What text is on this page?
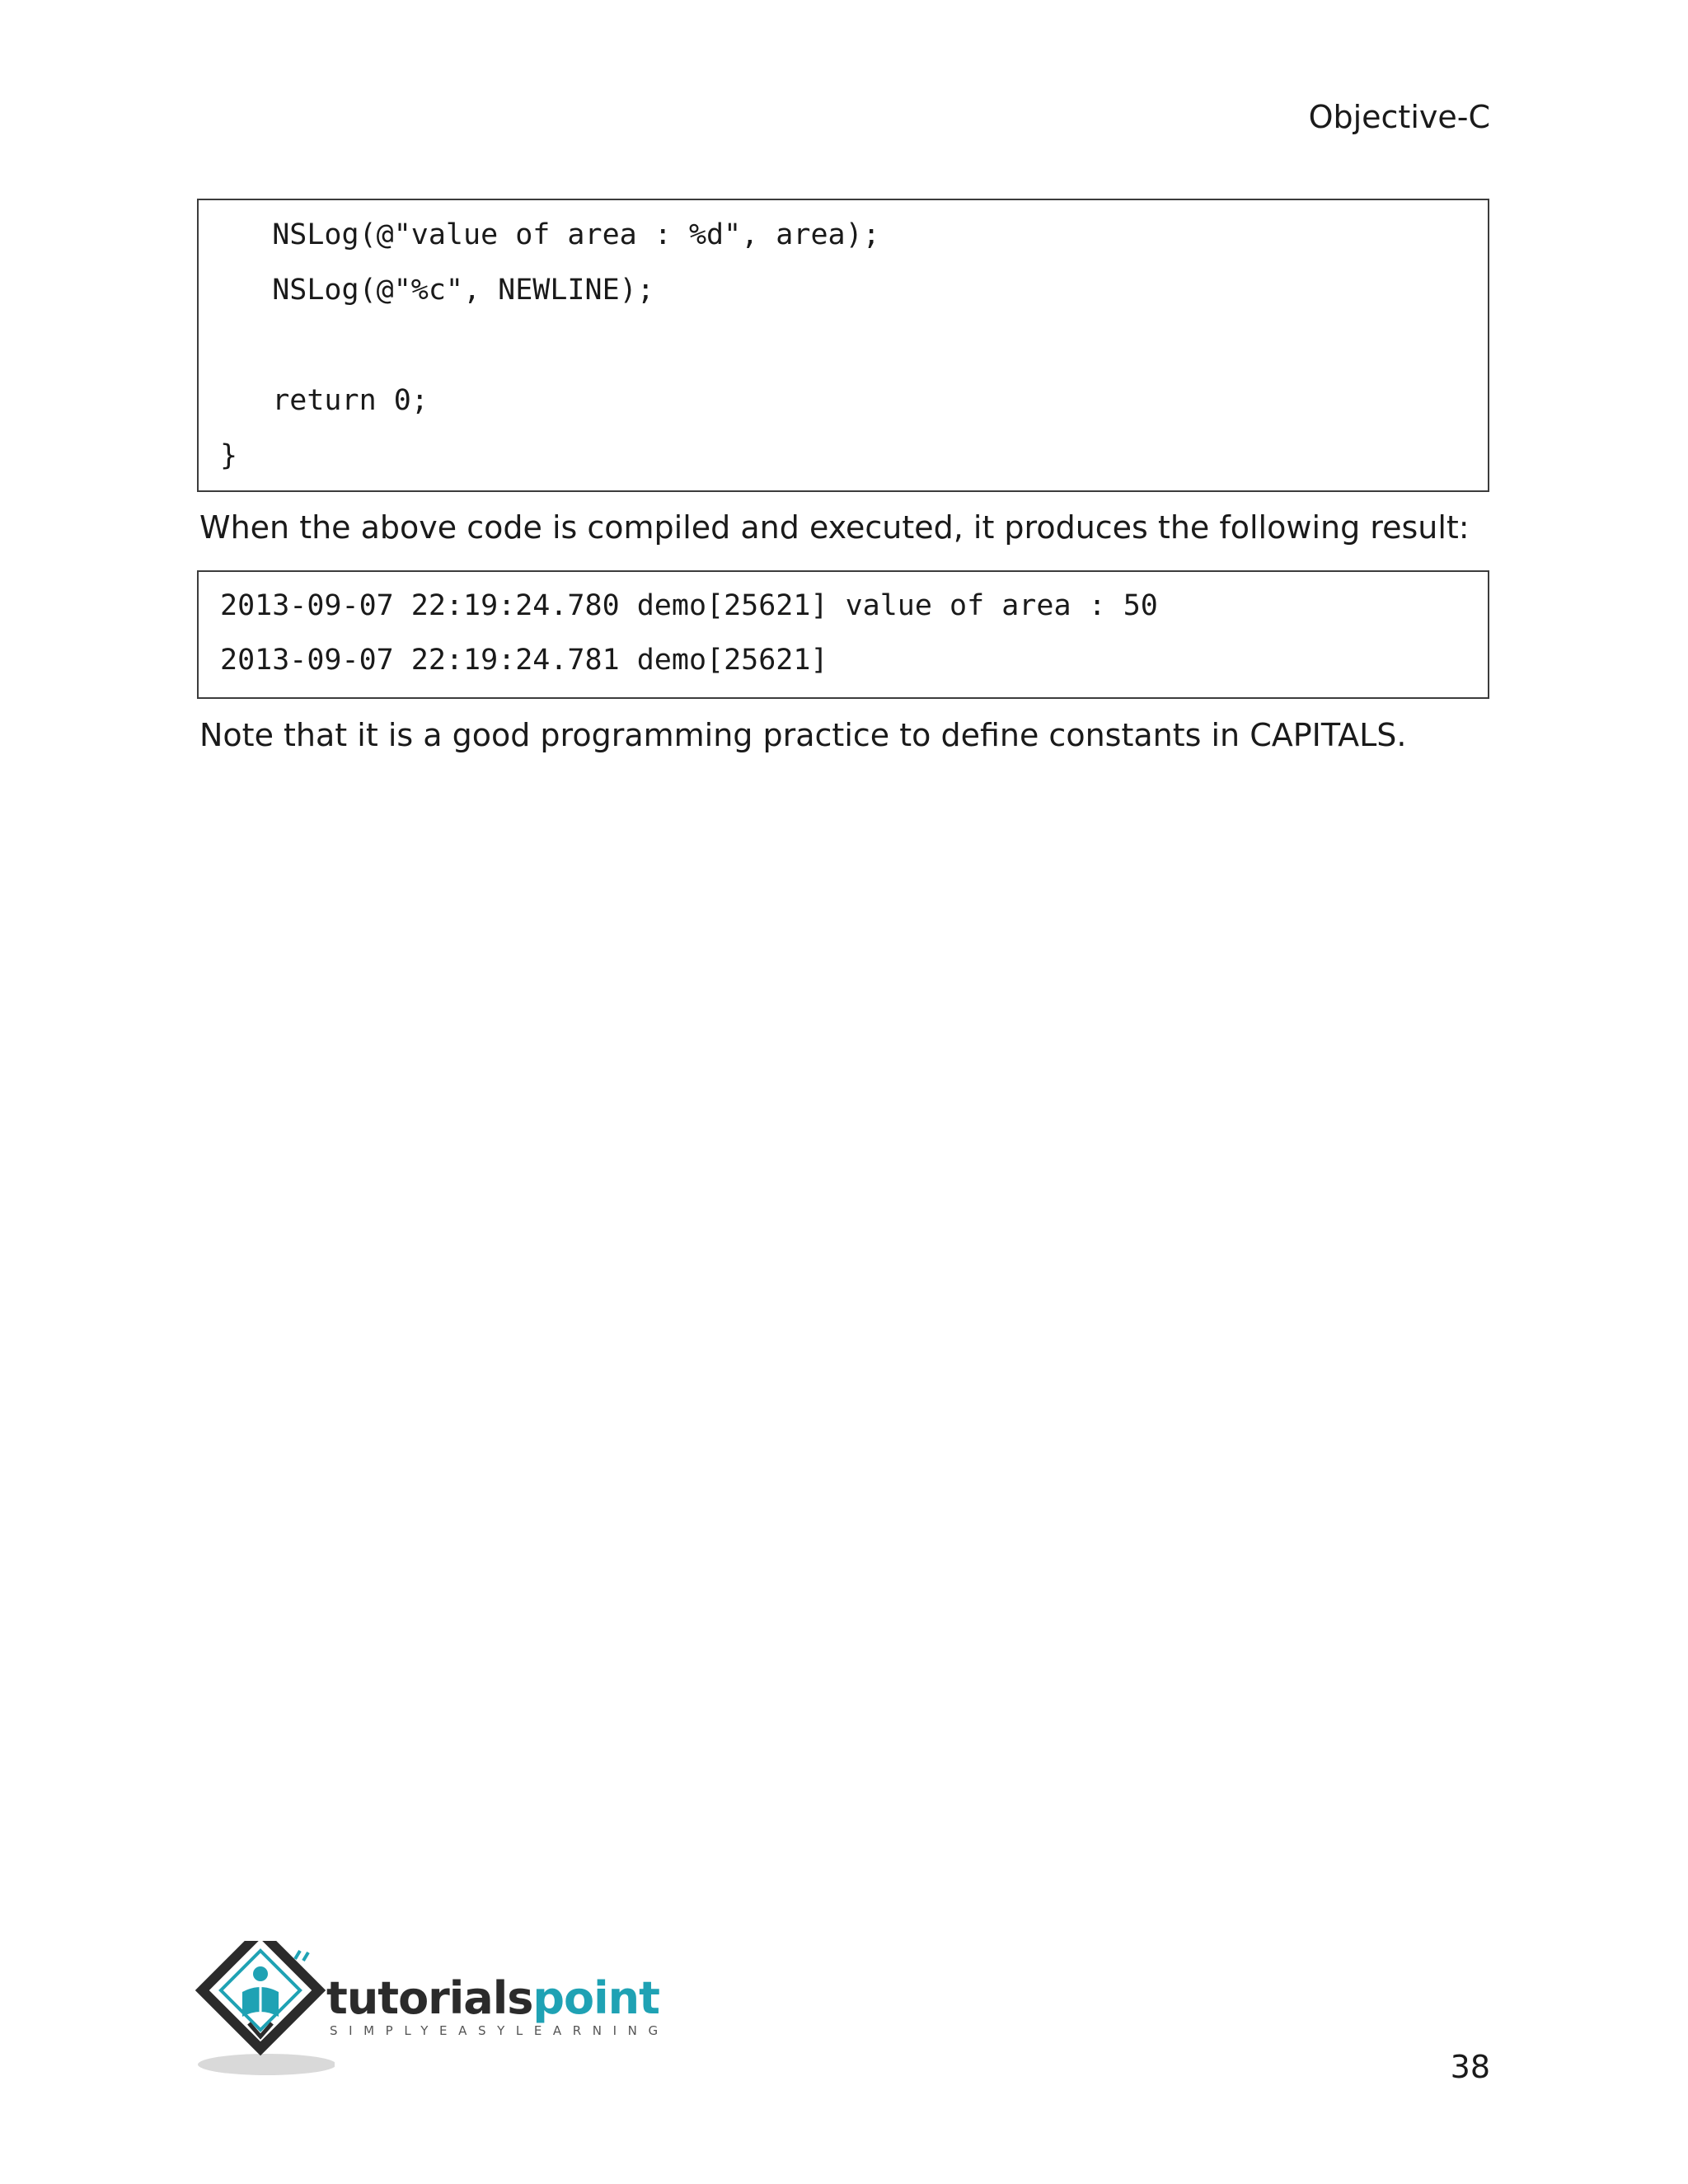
Objective-C
NSLog(@"value of area : %d", area);
NSLog(@"%c", NEWLINE);
return 0;
}
When the above code is compiled and executed, it produces the following result:
2013-09-07 22:19:24.780 demo[25621] value of area : 50
2013-09-07 22:19:24.781 demo[25621]
Note that it is a good programming practice to define constants in CAPITALS.
tutorialspoint
SIMPLYEASYLEARNING
38
